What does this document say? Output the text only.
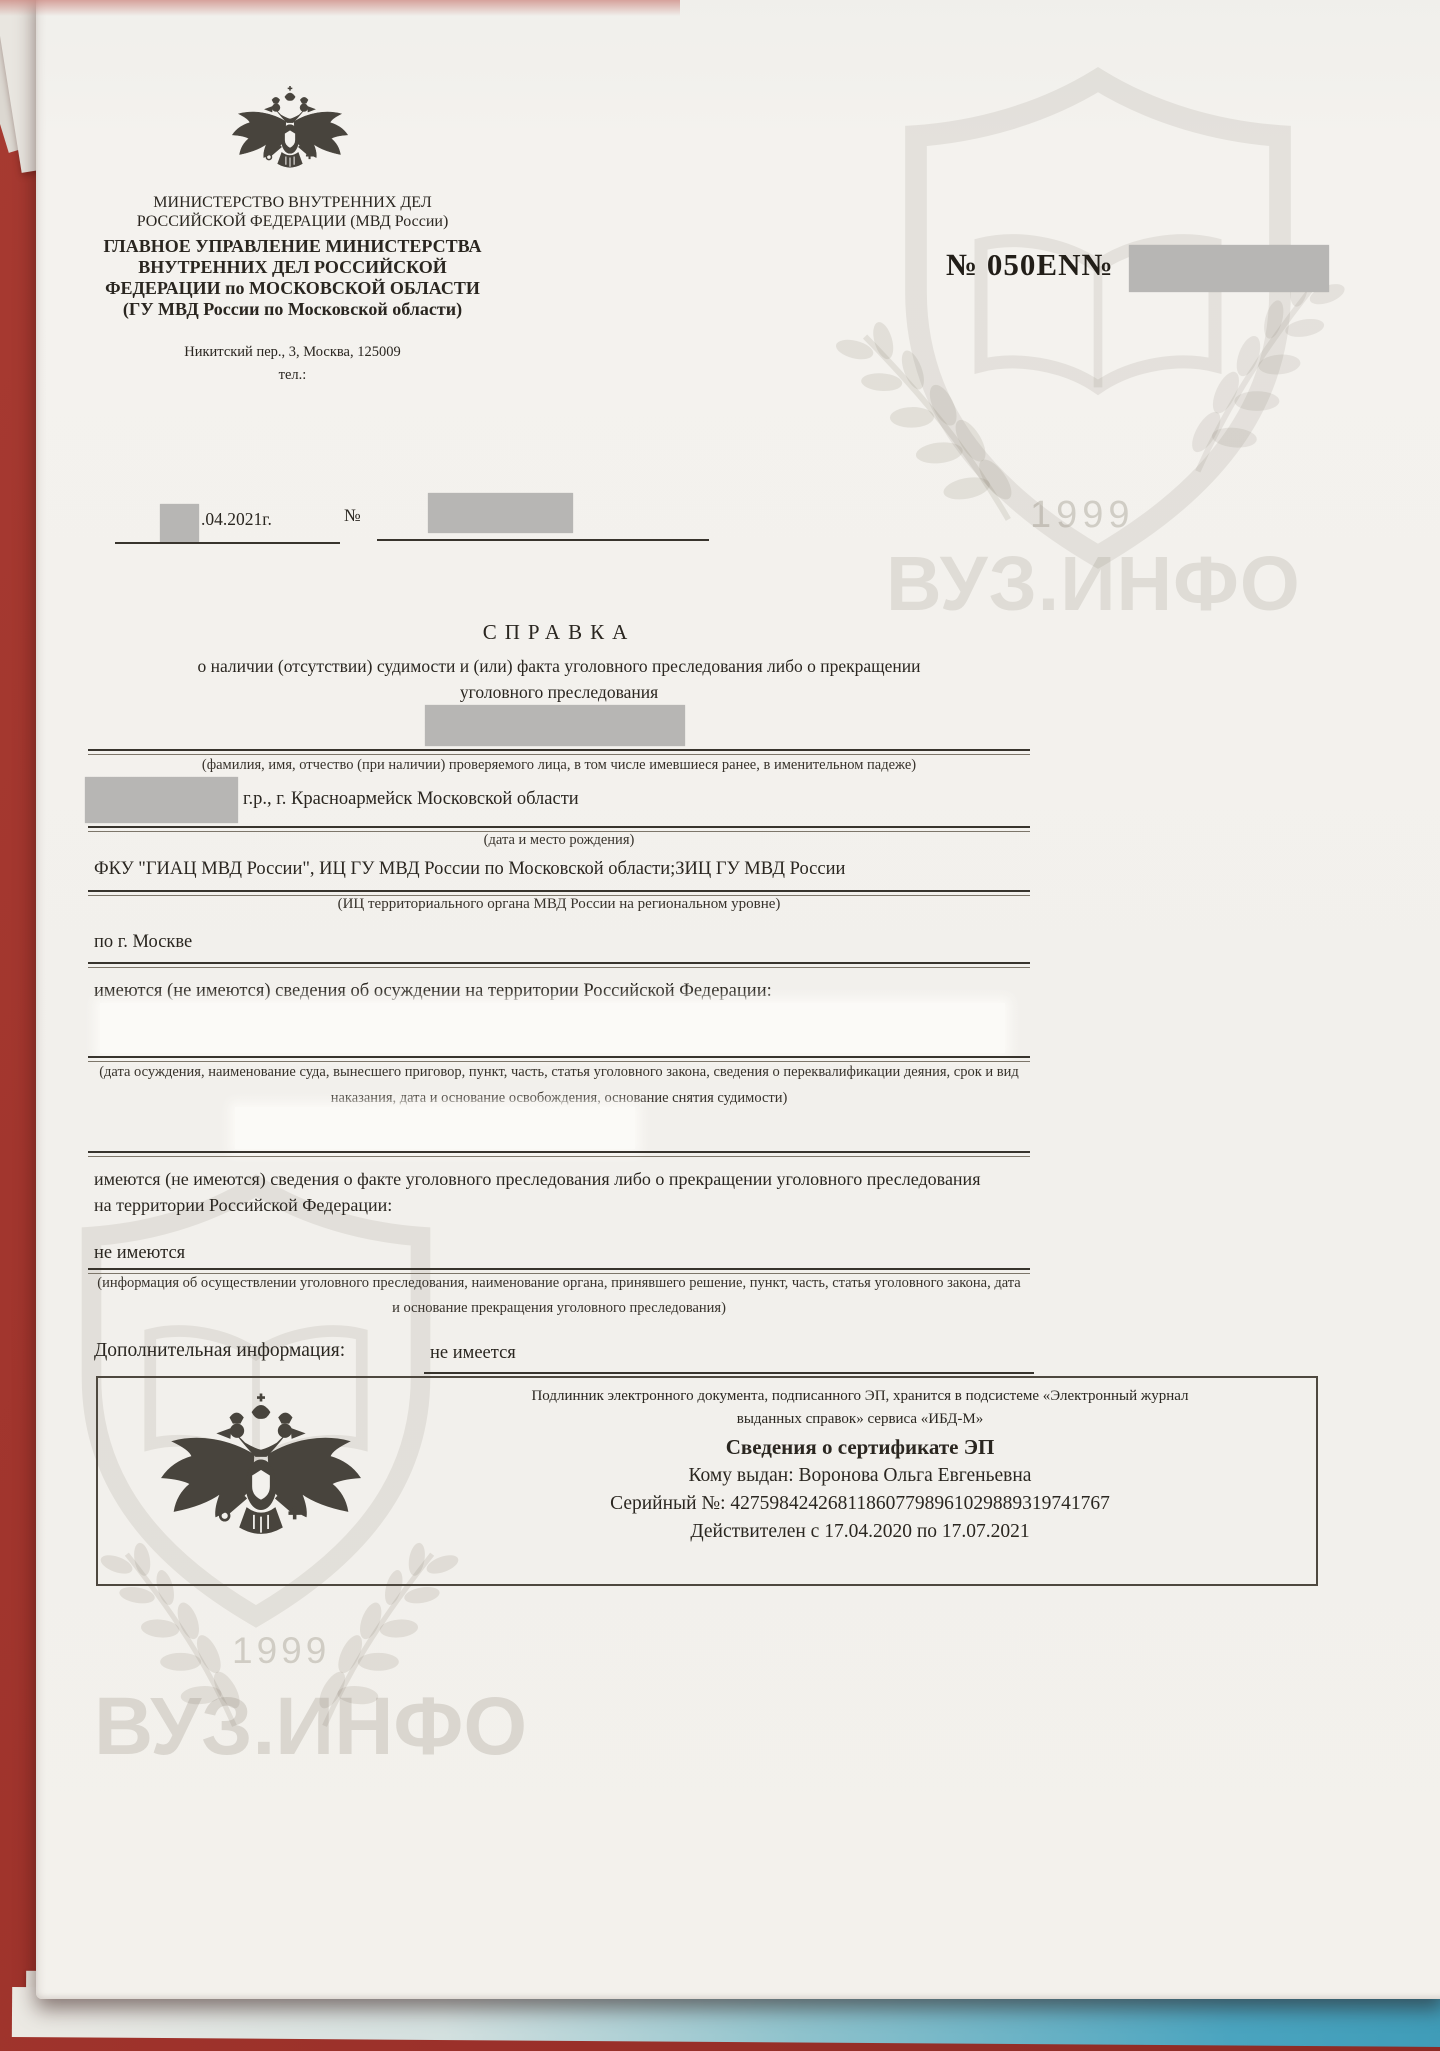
1999
ВУЗ.ИНФО
1999
ВУЗ.ИНФО
МИНИСТЕРСТВО ВНУТРЕННИХ ДЕЛ
РОССИЙСКОЙ ФЕДЕРАЦИИ (МВД России)
ГЛАВНОЕ УПРАВЛЕНИЕ МИНИСТЕРСТВА
ВНУТРЕННИХ ДЕЛ РОССИЙСКОЙ
ФЕДЕРАЦИИ по МОСКОВСКОЙ ОБЛАСТИ
(ГУ МВД России по Московской области)
Никитский пер., 3, Москва, 125009
тел.:
.04.2021г.	№
№ 050EN№
СПРАВКА
о наличии (отсутствии) судимости и (или) факта уголовного преследования либо о прекращении
уголовного преследования
(фамилия, имя, отчество (при наличии) проверяемого лица, в том числе имевшиеся ранее, в именительном падеже)
г.р., г. Красноармейск Московской области
(дата и место рождения)
ФКУ "ГИАЦ МВД России", ИЦ ГУ МВД России по Московской области;ЗИЦ ГУ МВД России
(ИЦ территориального органа МВД России на региональном уровне)
по г. Москве
имеются (не имеются) сведения об осуждении на территории Российской Федерации:
(дата осуждения, наименование суда, вынесшего приговор, пункт, часть, статья уголовного закона, сведения о переквалификации деяния, срок и вид
наказания, дата и основание освобождения, основание снятия судимости)
имеются (не имеются) сведения о факте уголовного преследования либо о прекращении уголовного преследования
на территории Российской Федерации:
не имеются
(информация об осуществлении уголовного преследования, наименование органа, принявшего решение, пункт, часть, статья уголовного закона, дата
и основание прекращения уголовного преследования)
Дополнительная информация:	не имеется
Подлинник электронного документа, подписанного ЭП, хранится в подсистеме «Электронный журнал
выданных справок» сервиса «ИБД-М»
Сведения о сертификате ЭП
Кому выдан: Воронова Ольга Евгеньевна
Серийный №: 427598424268118607798961029889319741767
Действителен с 17.04.2020 по 17.07.2021
